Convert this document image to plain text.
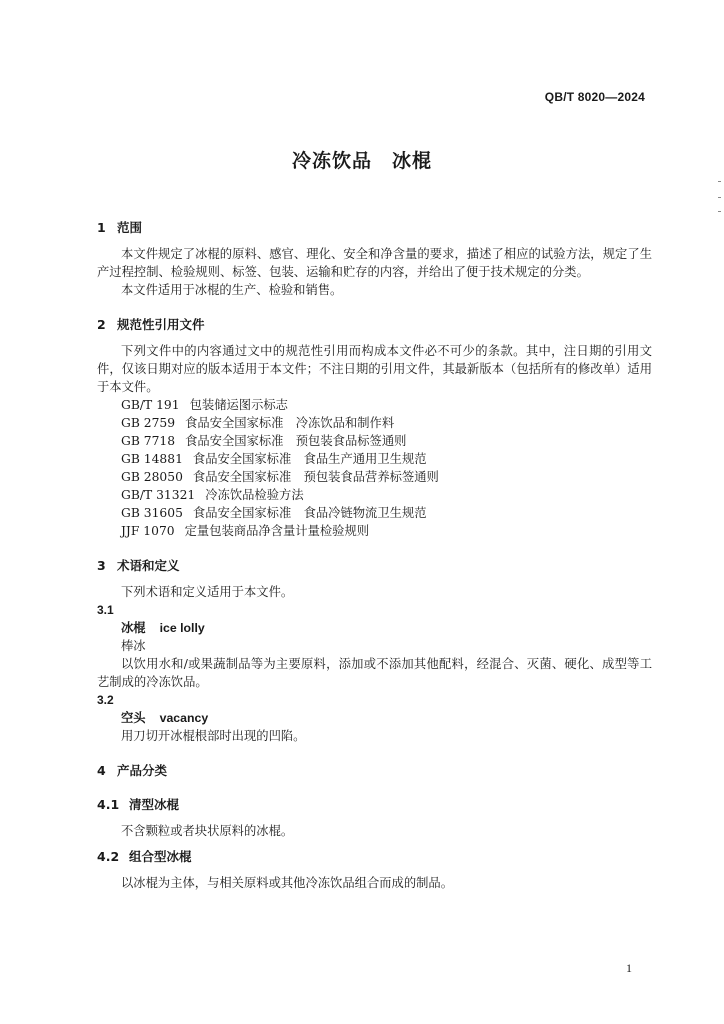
QB/T 8020—2024
冷冻饮品　冰棍
1 范围
本文件规定了冰棍的原料、感官、理化、安全和净含量的要求，描述了相应的试验方法，规定了生产过程控制、检验规则、标签、包装、运输和贮存的内容，并给出了便于技术规定的分类。
本文件适用于冰棍的生产、检验和销售。
2 规范性引用文件
下列文件中的内容通过文中的规范性引用而构成本文件必不可少的条款。其中，注日期的引用文件，仅该日期对应的版本适用于本文件；不注日期的引用文件，其最新版本（包括所有的修改单）适用于本文件。
GB/T 191 包装储运图示标志
GB 2759 食品安全国家标准　冷冻饮品和制作料
GB 7718 食品安全国家标准　预包装食品标签通则
GB 14881 食品安全国家标准　食品生产通用卫生规范
GB 28050 食品安全国家标准　预包装食品营养标签通则
GB/T 31321 冷冻饮品检验方法
GB 31605 食品安全国家标准　食品冷链物流卫生规范
JJF 1070 定量包装商品净含量计量检验规则
3 术语和定义
下列术语和定义适用于本文件。
3.1
冰棍 ice lolly
棒冰
以饮用水和/或果蔬制品等为主要原料，添加或不添加其他配料，经混合、灭菌、硬化、成型等工艺制成的冷冻饮品。
3.2
空头 vacancy
用刀切开冰棍根部时出现的凹陷。
4 产品分类
4.1 清型冰棍
不含颗粒或者块状原料的冰棍。
4.2 组合型冰棍
以冰棍为主体，与相关原料或其他冷冻饮品组合而成的制品。
1
